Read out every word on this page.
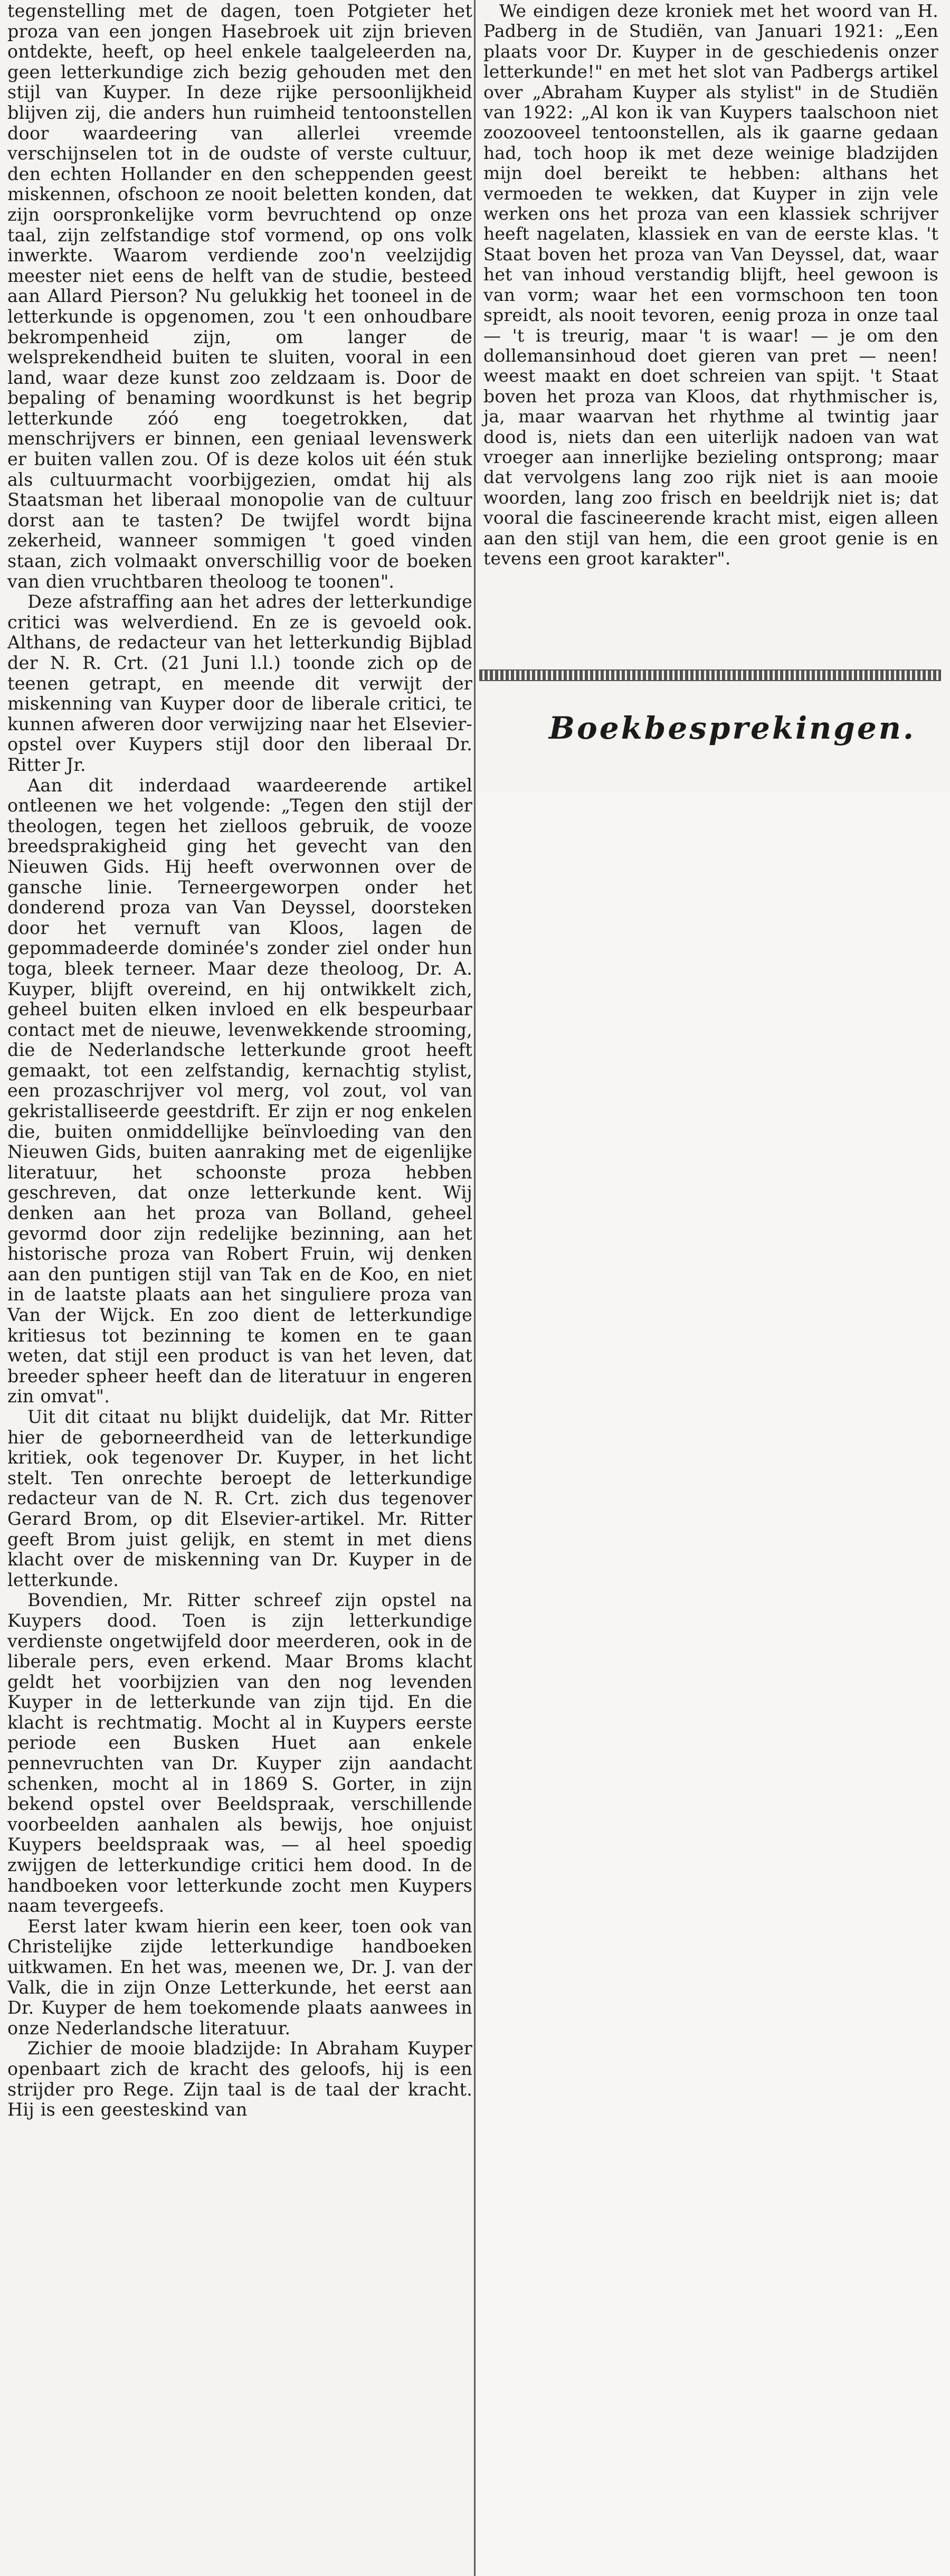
tegenstelling met de dagen, toen Potgieter het proza van een jongen Hasebroek uit zijn brieven ontdekte, heeft, op heel enkele taalgeleerden na, geen letterkundige zich bezig gehouden met den stijl van Kuyper. In deze rijke persoonlijkheid blijven zij, die anders hun ruimheid tentoonstellen door waardeering van allerlei vreemde verschijnselen tot in de oudste of verste cultuur, den echten Hollander en den scheppenden geest miskennen, ofschoon ze nooit beletten konden, dat zijn oorspronkelijke vorm bevruchtend op onze taal, zijn zelfstandige stof vormend, op ons volk inwerkte. Waarom verdiende zoo'n veelzijdig meester niet eens de helft van de studie, besteed aan Allard Pierson? Nu gelukkig het tooneel in de letterkunde is opgenomen, zou 't een onhoudbare bekrompenheid zijn, om langer de welsprekendheid buiten te sluiten, vooral in een land, waar deze kunst zoo zeldzaam is. Door de bepaling of benaming woordkunst is het begrip letterkunde zóó eng toegetrokken, dat menschrijvers er binnen, een geniaal levenswerk er buiten vallen zou. Of is deze kolos uit één stuk als cultuurmacht voorbijgezien, omdat hij als Staatsman het liberaal monopolie van de cultuur dorst aan te tasten? De twijfel wordt bijna zekerheid, wanneer sommigen 't goed vinden staan, zich volmaakt onverschillig voor de boeken van dien vruchtbaren theoloog te toonen".

Deze afstraffing aan het adres der letterkundige critici was welverdiend. En ze is gevoeld ook. Althans, de redacteur van het letterkundig Bijblad der N. R. Crt. (21 Juni l.l.) toonde zich op de teenen getrapt, en meende dit verwijt der miskenning van Kuyper door de liberale critici, te kunnen afweren door verwijzing naar het Elsevier-opstel over Kuypers stijl door den liberaal Dr. Ritter Jr.

Aan dit inderdaad waardeerende artikel ontleenen we het volgende: „Tegen den stijl der theologen, tegen het zielloos gebruik, de vooze breedsprakigheid ging het gevecht van den Nieuwen Gids. Hij heeft overwonnen over de gansche linie. Terneergeworpen onder het donderend proza van Van Deyssel, doorsteken door het vernuft van Kloos, lagen de gepommadeerde dominée's zonder ziel onder hun toga, bleek terneer. Maar deze theoloog, Dr. A. Kuyper, blijft overeind, en hij ontwikkelt zich, geheel buiten elken invloed en elk bespeurbaar contact met de nieuwe, levenwekkende strooming, die de Nederlandsche letterkunde groot heeft gemaakt, tot een zelfstandig, kernachtig stylist, een prozaschrijver vol merg, vol zout, vol van gekristalliseerde geestdrift. Er zijn er nog enkelen die, buiten onmiddellijke beïnvloeding van den Nieuwen Gids, buiten aanraking met de eigenlijke literatuur, het schoonste proza hebben geschreven, dat onze letterkunde kent. Wij denken aan het proza van Bolland, geheel gevormd door zijn redelijke bezinning, aan het historische proza van Robert Fruin, wij denken aan den puntigen stijl van Tak en de Koo, en niet in de laatste plaats aan het singuliere proza van Van der Wijck. En zoo dient de letterkundige kritiesus tot bezinning te komen en te gaan weten, dat stijl een product is van het leven, dat breeder spheer heeft dan de literatuur in engeren zin omvat".

Uit dit citaat nu blijkt duidelijk, dat Mr. Ritter hier de geborneerdheid van de letterkundige kritiek, ook tegenover Dr. Kuyper, in het licht stelt. Ten onrechte beroept de letterkundige redacteur van de N. R. Crt. zich dus tegenover Gerard Brom, op dit Elsevier-artikel. Mr. Ritter geeft Brom juist gelijk, en stemt in met diens klacht over de miskenning van Dr. Kuyper in de letterkunde.

Bovendien, Mr. Ritter schreef zijn opstel na Kuypers dood. Toen is zijn letterkundige verdienste ongetwijfeld door meerderen, ook in de liberale pers, even erkend. Maar Broms klacht geldt het voorbijzien van den nog levenden Kuyper in de letterkunde van zijn tijd. En die klacht is rechtmatig. Mocht al in Kuypers eerste periode een Busken Huet aan enkele pennevruchten van Dr. Kuyper zijn aandacht schenken, mocht al in 1869 S. Gorter, in zijn bekend opstel over Beeldspraak, verschillende voorbeelden aanhalen als bewijs, hoe onjuist Kuypers beeldspraak was, — al heel spoedig zwijgen de letterkundige critici hem dood. In de handboeken voor letterkunde zocht men Kuypers naam tevergeefs.

Eerst later kwam hierin een keer, toen ook van Christelijke zijde letterkundige handboeken uitkwamen. En het was, meenen we, Dr. J. van der Valk, die in zijn Onze Letterkunde, het eerst aan Dr. Kuyper de hem toekomende plaats aanwees in onze Nederlandsche literatuur.

Zichier de mooie bladzijde: In Abraham Kuyper openbaart zich de kracht des geloofs, hij is een strijder pro Rege. Zijn taal is de taal der kracht. Hij is een geesteskind van

We eindigen deze kroniek met het woord van H. Padberg in de Studiën, van Januari 1921: „Een plaats voor Dr. Kuyper in de geschiedenis onzer letterkunde!" en met het slot van Padbergs artikel over „Abraham Kuyper als stylist" in de Studiën van 1922: „Al kon ik van Kuypers taalschoon niet zoozooveel tentoonstellen, als ik gaarne gedaan had, toch hoop ik met deze weinige bladzijden mijn doel bereikt te hebben: althans het vermoeden te wekken, dat Kuyper in zijn vele werken ons het proza van een klassiek schrijver heeft nagelaten, klassiek en van de eerste klas. 't Staat boven het proza van Van Deyssel, dat, waar het van inhoud verstandig blijft, heel gewoon is van vorm; waar het een vormschoon ten toon spreidt, als nooit tevoren, eenig proza in onze taal — 't is treurig, maar 't is waar! — je om den dollemansinhoud doet gieren van pret — neen! weest maakt en doet schreien van spijt. 't Staat boven het proza van Kloos, dat rhythmischer is, ja, maar waarvan het rhythme al twintig jaar dood is, niets dan een uiterlijk nadoen van wat vroeger aan innerlijke bezieling ontsprong; maar dat vervolgens lang zoo rijk niet is aan mooie woorden, lang zoo frisch en beeldrijk niet is; dat vooral die fascineerende kracht mist, eigen alleen aan den stijl van hem, die een groot genie is en tevens een groot karakter".

Boekbesprekingen.
